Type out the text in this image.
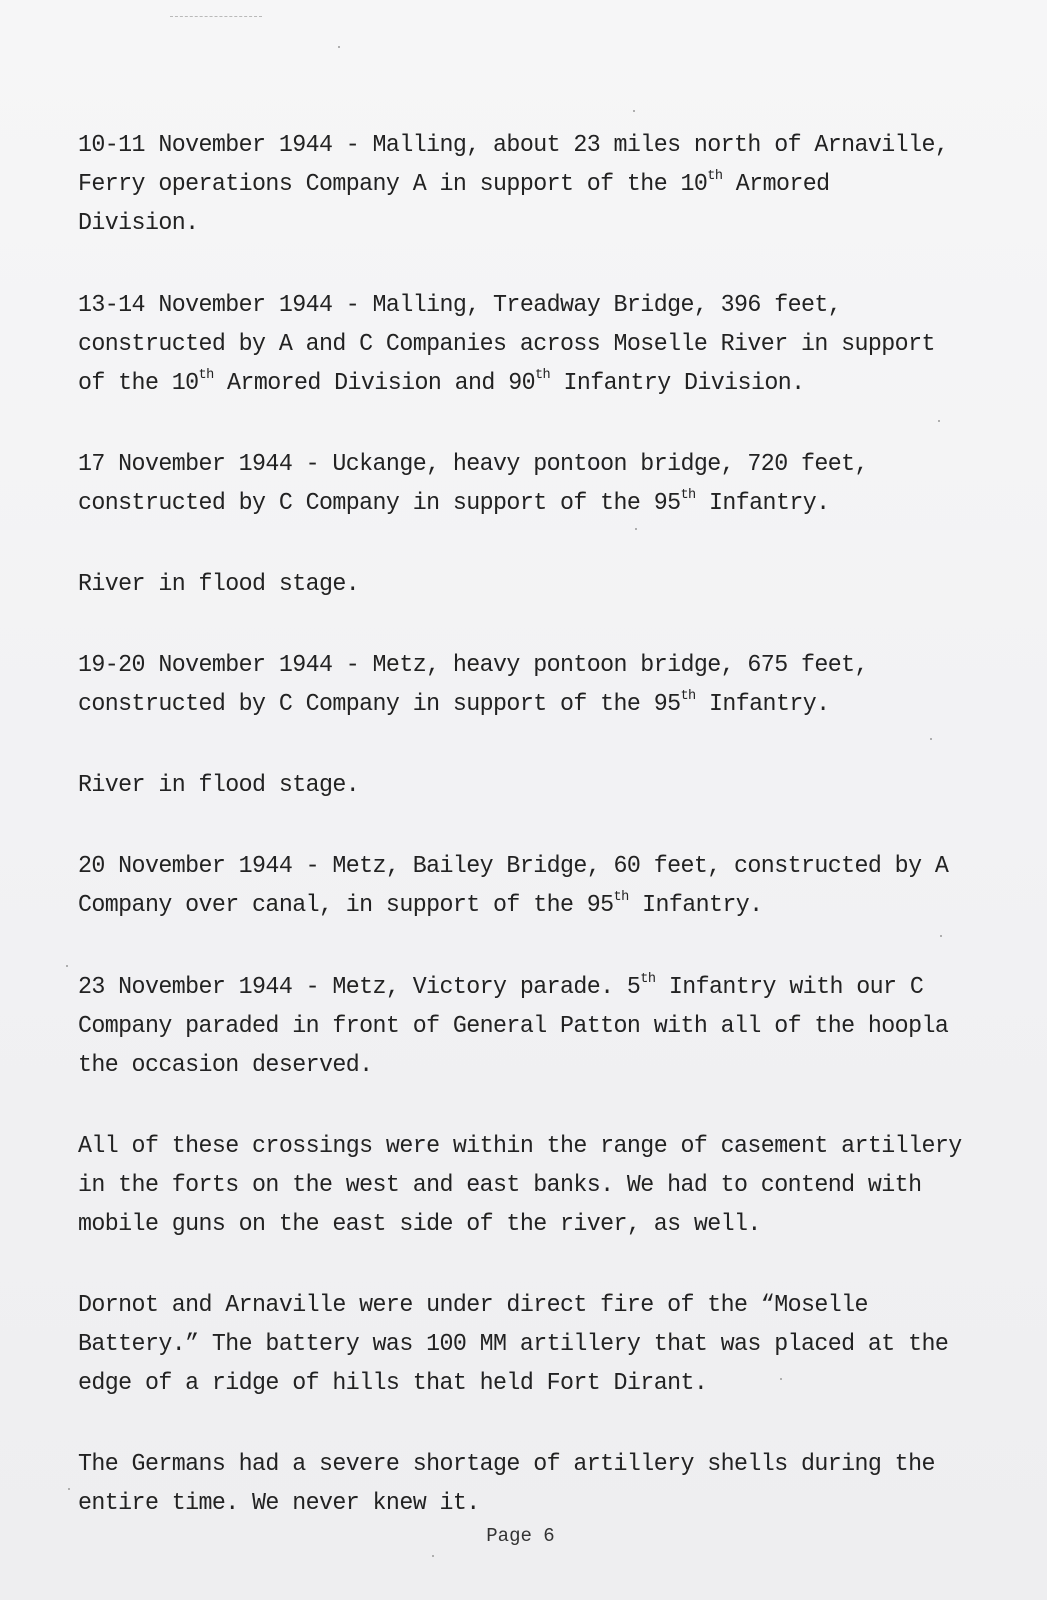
10-11 November 1944 - Malling, about 23 miles north of Arnaville,
Ferry operations Company A in support of the 10th Armored
Division.
13-14 November 1944 - Malling, Treadway Bridge, 396 feet,
constructed by A and C Companies across Moselle River in support
of the 10th Armored Division and 90th Infantry Division.
17 November 1944 - Uckange, heavy pontoon bridge, 720 feet,
constructed by C Company in support of the 95th Infantry.
River in flood stage.
19-20 November 1944 - Metz, heavy pontoon bridge, 675 feet,
constructed by C Company in support of the 95th Infantry.
River in flood stage.
20 November 1944 - Metz, Bailey Bridge, 60 feet, constructed by A
Company over canal, in support of the 95th Infantry.
23 November 1944 - Metz, Victory parade. 5th Infantry with our C
Company paraded in front of General Patton with all of the hoopla
the occasion deserved.
All of these crossings were within the range of casement artillery
in the forts on the west and east banks. We had to contend with
mobile guns on the east side of the river, as well.
Dornot and Arnaville were under direct fire of the “Moselle
Battery.” The battery was 100 MM artillery that was placed at the
edge of a ridge of hills that held Fort Dirant.
The Germans had a severe shortage of artillery shells during the
entire time. We never knew it.
Page 6
